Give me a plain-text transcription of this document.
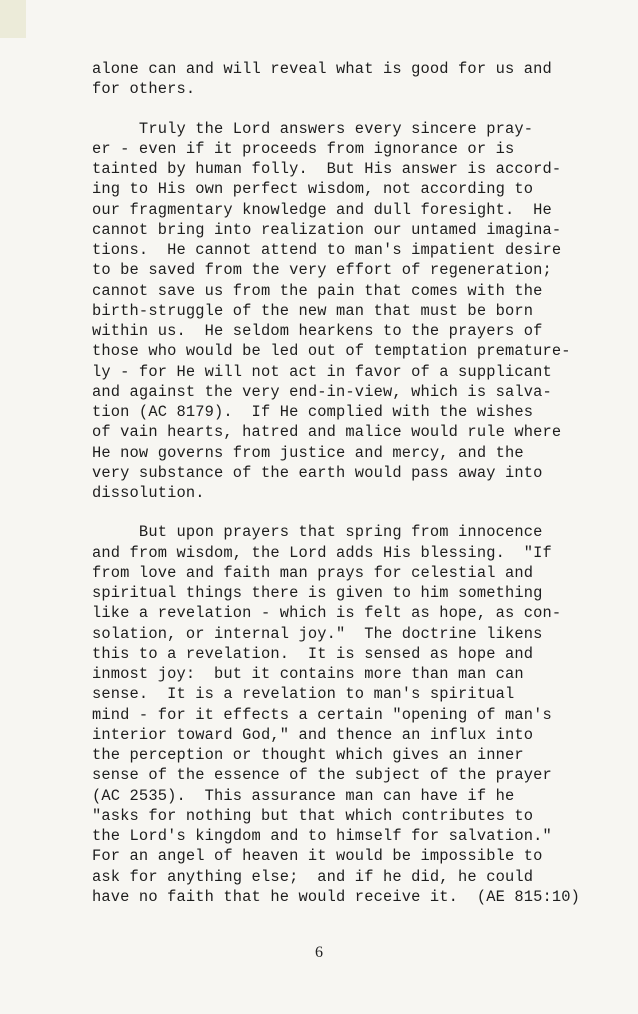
alone can and will reveal what is good for us and
for others.
Truly the Lord answers every sincere pray-
er - even if it proceeds from ignorance or is
tainted by human folly.  But His answer is accord-
ing to His own perfect wisdom, not according to
our fragmentary knowledge and dull foresight.  He
cannot bring into realization our untamed imagina-
tions.  He cannot attend to man's impatient desire
to be saved from the very effort of regeneration;
cannot save us from the pain that comes with the
birth-struggle of the new man that must be born
within us.  He seldom hearkens to the prayers of
those who would be led out of temptation premature-
ly - for He will not act in favor of a supplicant
and against the very end-in-view, which is salva-
tion (AC 8179).  If He complied with the wishes
of vain hearts, hatred and malice would rule where
He now governs from justice and mercy, and the
very substance of the earth would pass away into
dissolution.
But upon prayers that spring from innocence
and from wisdom, the Lord adds His blessing.  "If
from love and faith man prays for celestial and
spiritual things there is given to him something
like a revelation - which is felt as hope, as con-
solation, or internal joy."  The doctrine likens
this to a revelation.  It is sensed as hope and
inmost joy:  but it contains more than man can
sense.  It is a revelation to man's spiritual
mind - for it effects a certain "opening of man's
interior toward God," and thence an influx into
the perception or thought which gives an inner
sense of the essence of the subject of the prayer
(AC 2535).  This assurance man can have if he
"asks for nothing but that which contributes to
the Lord's kingdom and to himself for salvation."
For an angel of heaven it would be impossible to
ask for anything else;  and if he did, he could
have no faith that he would receive it.  (AE 815:10)
6
